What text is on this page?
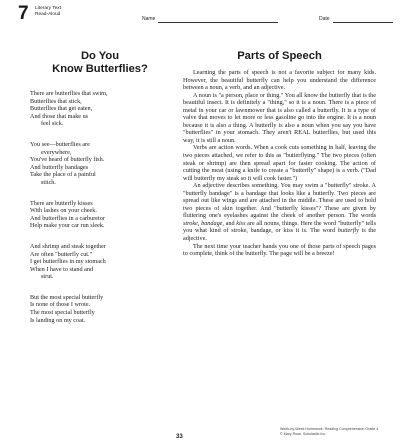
7 Literary Text
Read-Aloud
Name	Date
Do You
Know Butterflies?
There are butterflies that swim,
Butterflies that stick,
Butterflies that get eaten,
And those that make us
feel sick.
You see—butterflies are
everywhere,
You've heard of butterfly fish.
And butterfly bandages
Take the place of a painful
stitch.
There are butterfly kisses
With lashes on your cheek.
And butterflies in a carburetor
Help make your car run sleek.
And shrimp and steak together
Are often "butterfly cut."
I get butterflies in my stomach
When I have to stand and
strut.
But the most special butterfly
Is none of those I wrote.
The most special butterfly
Is landing on my coat.
Parts of Speech

Learning the parts of speech is not a favorite subject for many kids. However, the beautiful butterfly can help you understand the difference between a noun, a verb, and an adjective.

A noun is "a person, place or thing." You all know the butterfly that is the beautiful insect. It is definitely a "thing," so it is a noun. There is a piece of metal in your car or lawnmower that is also called a butterfly. It is a type of valve that moves to let more or less gasoline go into the engine. It is a noun because it is also a thing. A butterfly is also a noun when you say you have "butterflies" in your stomach. They aren't REAL butterflies, but used this way, it is still a noun.

Verbs are action words. When a cook cuts something in half, leaving the two pieces attached, we refer to this as "butterflying." The two pieces (often steak or shrimp) are then spread apart for faster cooking. The action of cutting the meat (using a knife to create a "butterfly" shape) is a verb. ("Dad will butterfly my steak so it will cook faster.")

An adjective describes something. You may swim a "butterfly" stroke. A "butterfly bandage" is a bandage that looks like a butterfly. Two pieces are spread out like wings and are attached in the middle. These are used to hold two pieces of skin together. And "butterfly kisses"? These are given by fluttering one's eyelashes against the cheek of another person. The words stroke, bandage, and kiss are all nouns, things. Here the word "butterfly" tells you what kind of stroke, bandage, or kiss it is. The word butterfly is the adjective.

The next time your teacher hands you one of those parts of speech pages to complete, think of the butterfly. The page will be a breeze!

33
Week-by-Week Homework: Reading Comprehension Grade 4
© Mary Rose, Scholastic Inc.
